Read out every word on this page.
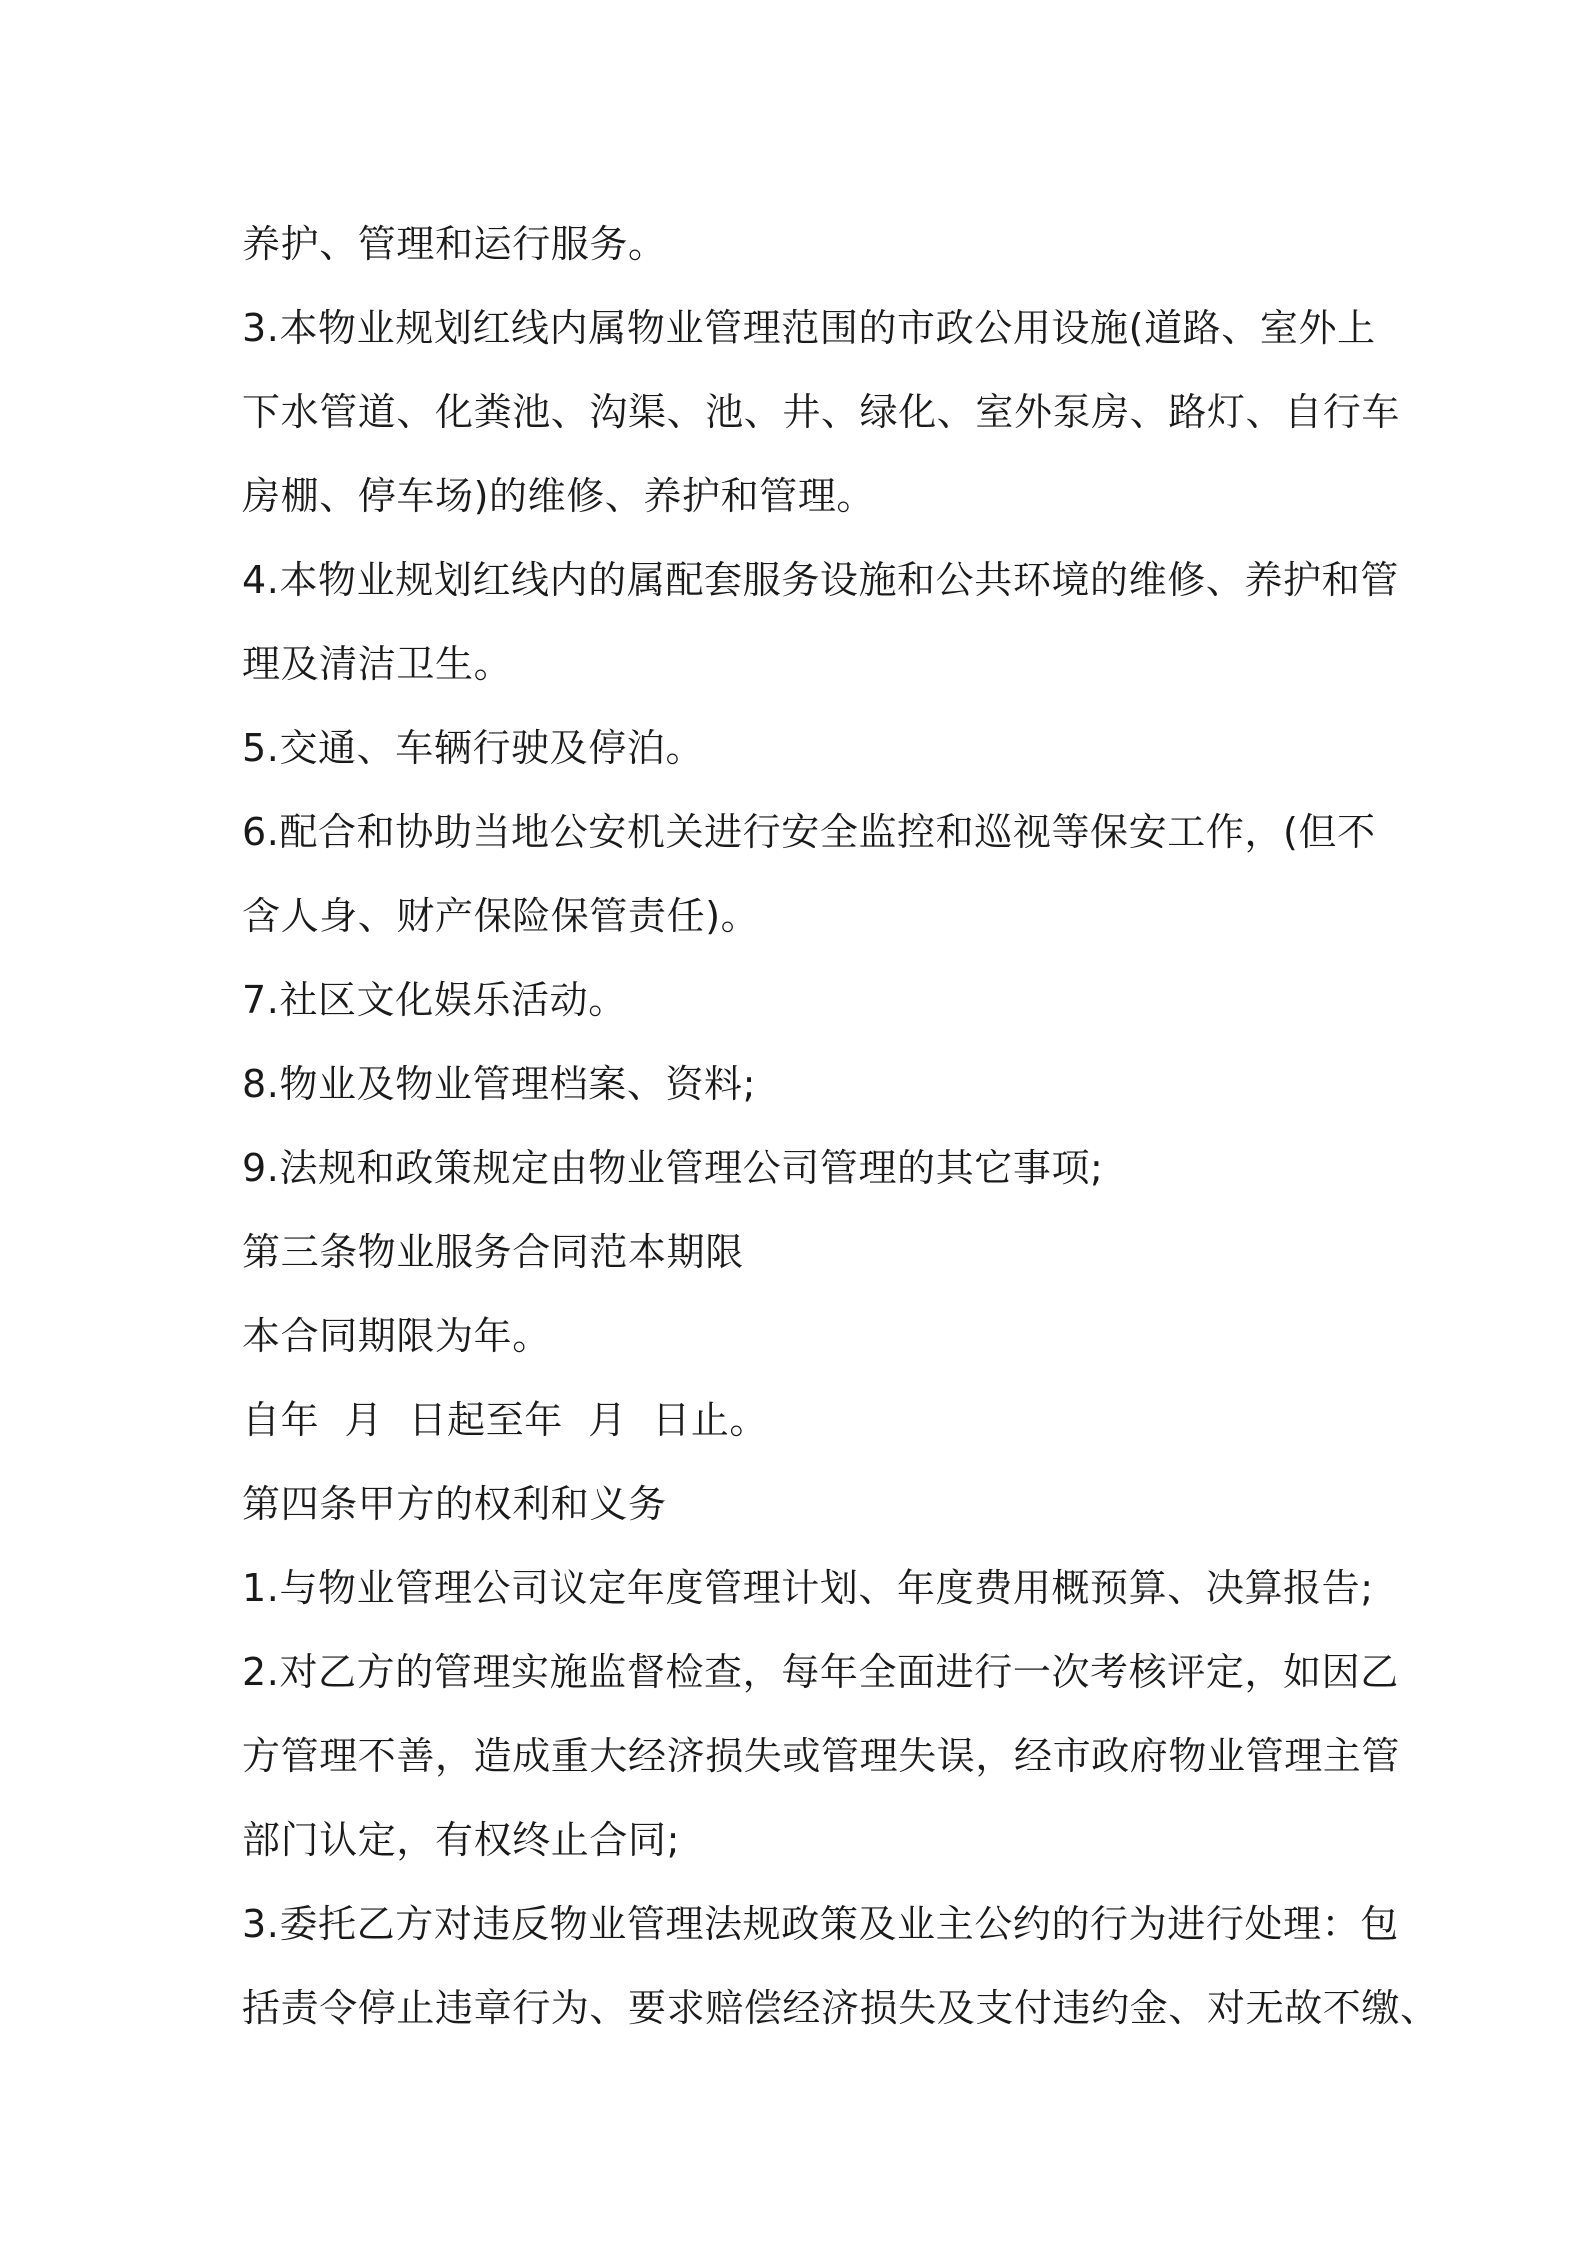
养护、管理和运行服务。
3.本物业规划红线内属物业管理范围的市政公用设施(道路、室外上
下水管道、化粪池、沟渠、池、井、绿化、室外泵房、路灯、自行车
房棚、停车场)的维修、养护和管理。
4.本物业规划红线内的属配套服务设施和公共环境的维修、养护和管
理及清洁卫生。
5.交通、车辆行驶及停泊。
6.配合和协助当地公安机关进行安全监控和巡视等保安工作，(但不
含人身、财产保险保管责任)。
7.社区文化娱乐活动。
8.物业及物业管理档案、资料;
9.法规和政策规定由物业管理公司管理的其它事项;
第三条物业服务合同范本期限
本合同期限为年。
自年  月  日起至年  月  日止。
第四条甲方的权利和义务
1.与物业管理公司议定年度管理计划、年度费用概预算、决算报告;
2.对乙方的管理实施监督检查，每年全面进行一次考核评定，如因乙
方管理不善，造成重大经济损失或管理失误，经市政府物业管理主管
部门认定，有权终止合同;
3.委托乙方对违反物业管理法规政策及业主公约的行为进行处理：包
括责令停止违章行为、要求赔偿经济损失及支付违约金、对无故不缴、
